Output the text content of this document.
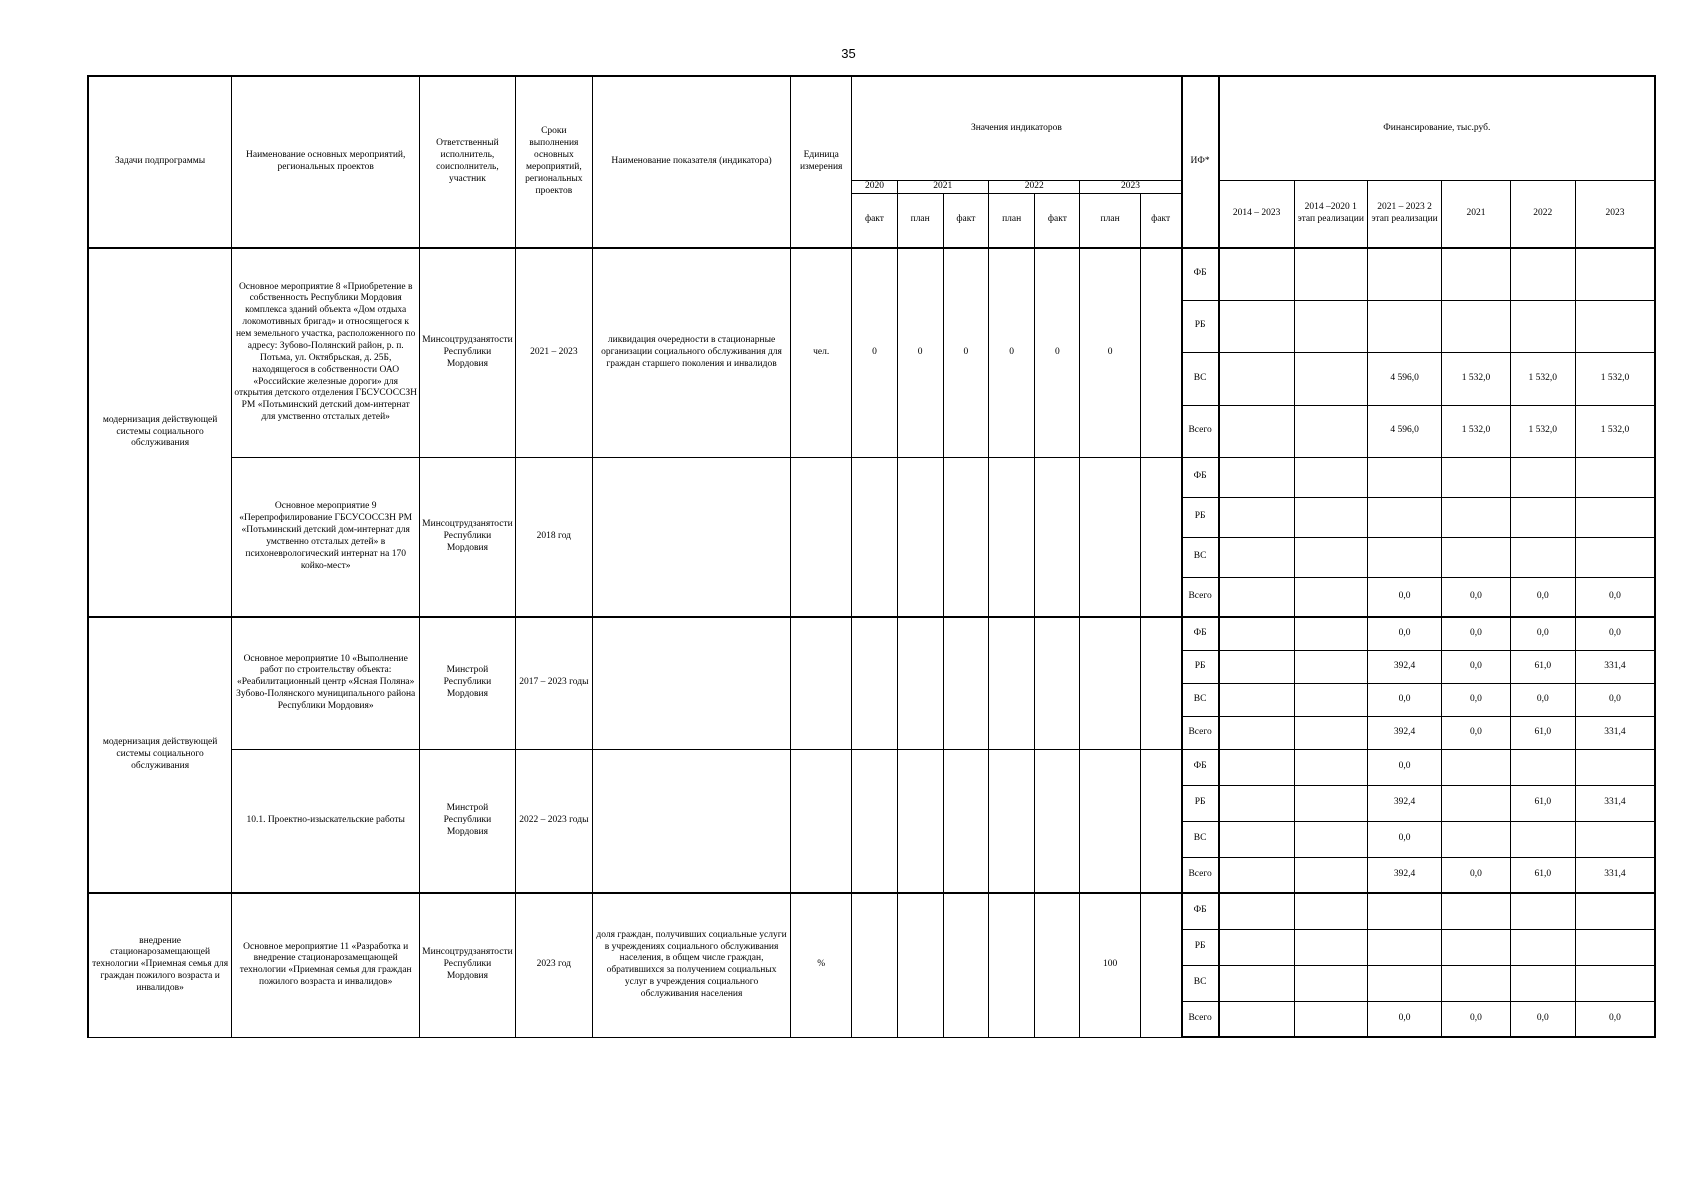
35
Задачи подпрограммы	Наименование основных мероприятий, региональных проектов	Ответственный исполнитель, соисполнитель, участник	Сроки выполнения основных мероприятий, региональных проектов	Наименование показателя (индикатора)	Единица измерения	Значения индикаторов							ИФ*	Финансирование, тыс.руб.					
						2020	2021		2022		2023			2014 – 2023	2014 –2020 1 этап реализации	2021 – 2023 2 этап реализации	2021	2022	2023
						факт	план	факт	план	факт	план	факт							
модернизация действующей системы социального обслуживания	Основное мероприятие 8 «Приобретение в собственность Республики Мордовия комплекса зданий объекта «Дом отдыха локомотивных бригад» и относящегося к нем земельного участка, расположенного по адресу: Зубово-Полянский район, р. п. Потьма, ул. Октябрьская, д. 25Б, находящегося в собственности ОАО «Российские железные дороги» для открытия детского отделения ГБСУСОССЗН РМ «Потьминский детский дом-интернат для умственно отсталых детей»	Минсоцтрудзанятости Республики Мордовия	2021 – 2023	ликвидация очередности в стационарные организации социального обслуживания для граждан старшего поколения и инвалидов	чел.	0	0	0	0	0	0		ФБ						
													РБ						
													ВС			4 596,0	1 532,0	1 532,0	1 532,0
													Всего			4 596,0	1 532,0	1 532,0	1 532,0
	Основное мероприятие 9 «Перепрофилирование ГБСУСОССЗН РМ «Потьминский детский дом-интернат для умственно отсталых детей» в психоневрологический интернат на 170 койко-мест»	Минсоцтрудзанятости Республики Мордовия	2018 год										ФБ						
													РБ						
													ВС						
													Всего			0,0	0,0	0,0	0,0
модернизация действующей системы социального обслуживания	Основное мероприятие 10 «Выполнение работ по строительству объекта: «Реабилитационный центр «Ясная Поляна» Зубово-Полянского муниципального района Республики Мордовия»	Минстрой Республики Мордовия	2017 – 2023 годы										ФБ			0,0	0,0	0,0	0,0
													РБ			392,4	0,0	61,0	331,4
													ВС			0,0	0,0	0,0	0,0
													Всего			392,4	0,0	61,0	331,4
	10.1. Проектно-изыскательские работы	Минстрой Республики Мордовия	2022 – 2023 годы										ФБ			0,0			
													РБ			392,4		61,0	331,4
													ВС			0,0			
													Всего			392,4	0,0	61,0	331,4
внедрение стационарозамещающей технологии «Приемная семья для граждан пожилого возраста и инвалидов»	Основное мероприятие 11 «Разработка и внедрение стационарозамещающей технологии «Приемная семья для граждан пожилого возраста и инвалидов»	Минсоцтрудзанятости Республики Мордовия	2023 год	доля граждан, получивших социальные услуги в учреждениях социального обслуживания населения, в общем числе граждан, обратившихся за получением социальных услуг в учреждения социального обслуживания населения	%						100		ФБ						
													РБ						
													ВС						
													Всего			0,0	0,0	0,0	0,0
